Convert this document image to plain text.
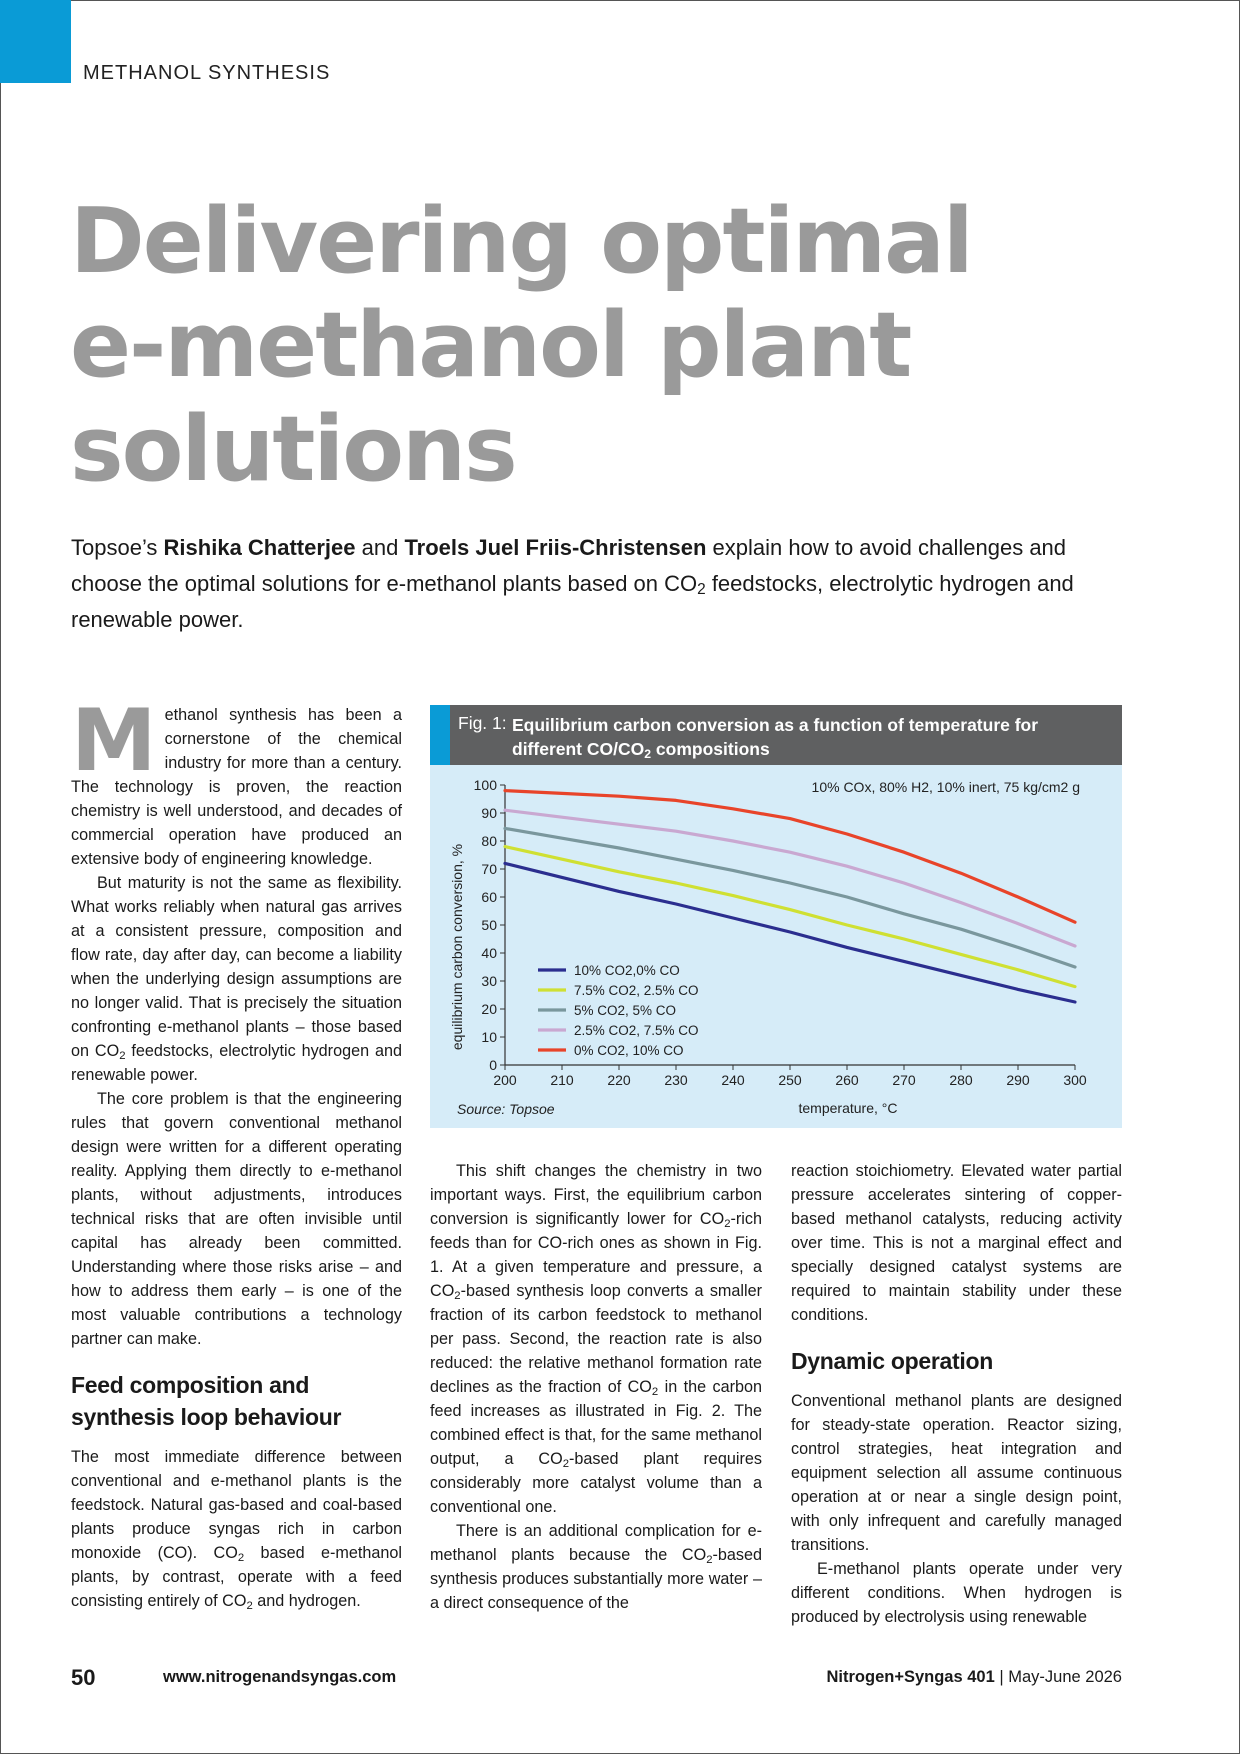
METHANOL SYNTHESIS
Delivering optimal
e-methanol plant
solutions

Topsoe’s Rishika Chatterjee and Troels Juel Friis-Christensen explain how to avoid challenges and choose the optimal solutions for e-methanol plants based on $CO_2$ feedstocks, electrolytic hydrogen and renewable power.

Methanol synthesis has been a cornerstone of the chemical industry for more than a century. The technology is proven, the reaction chemistry is well understood, and decades of commercial operation have produced an extensive body of engineering knowledge.

But maturity is not the same as flexibility. What works reliably when natural gas arrives at a consistent pressure, composition and flow rate, day after day, can become a liability when the underlying design assumptions are no longer valid. That is precisely the situation confronting e-methanol plants – those based on $CO_2$ feedstocks, electrolytic hydrogen and renewable power.

The core problem is that the engineering rules that govern conventional methanol design were written for a different operating reality. Applying them directly to e-methanol plants, without adjustments, introduces technical risks that are often invisible until capital has already been committed. Understanding where those risks arise – and how to address them early – is one of the most valuable contributions a technology partner can make.

Feed composition and synthesis loop behaviour

The most immediate difference between conventional and e-methanol plants is the feedstock. Natural gas-based and coal-based plants produce syngas rich in carbon monoxide (CO). $CO_2$ based e-methanol plants, by contrast, operate with a feed consisting entirely of $CO_2$ and hydrogen.

Fig. 1: Equilibrium carbon conversion as a function of temperature for different $CO/CO_2$ compositions
200 210 220 230 240 250 260 270 280 290 300
0
10
20
30
40
50
60
70
80
90
100
10% CO2,0% CO
7.5% CO2, 2.5% CO
5% CO2, 5% CO
2.5% CO2, 7.5% CO
0% CO2, 10% CO
equilibrium carbon conversion, %
temperature, °C
Source: Topsoe
10% COx, 80% H2, 10% inert, 75 kg/cm2 g

This shift changes the chemistry in two important ways. First, the equilibrium carbon conversion is significantly lower for $CO_2$-rich feeds than for CO-rich ones as shown in Fig. 1. At a given temperature and pressure, a $CO_2$-based synthesis loop converts a smaller fraction of its carbon feedstock to methanol per pass. Second, the reaction rate is also reduced: the relative methanol formation rate declines as the fraction of $CO_2$ in the carbon feed increases as illustrated in Fig. 2. The combined effect is that, for the same methanol output, a $CO_2$-based plant requires considerably more catalyst volume than a conventional one.

There is an additional complication for e-methanol plants because the $CO_2$-based synthesis produces substantially more water – a direct consequence of the

reaction stoichiometry. Elevated water partial pressure accelerates sintering of copper-based methanol catalysts, reducing activity over time. This is not a marginal effect and specially designed catalyst systems are required to maintain stability under these conditions.

Dynamic operation

Conventional methanol plants are designed for steady-state operation. Reactor sizing, control strategies, heat integration and equipment selection all assume continuous operation at or near a single design point, with only infrequent and carefully managed transitions.

E-methanol plants operate under very different conditions. When hydrogen is produced by electrolysis using renewable

50	www.nitrogenandsyngas.com	Nitrogen+Syngas 401 | May-June 2026
